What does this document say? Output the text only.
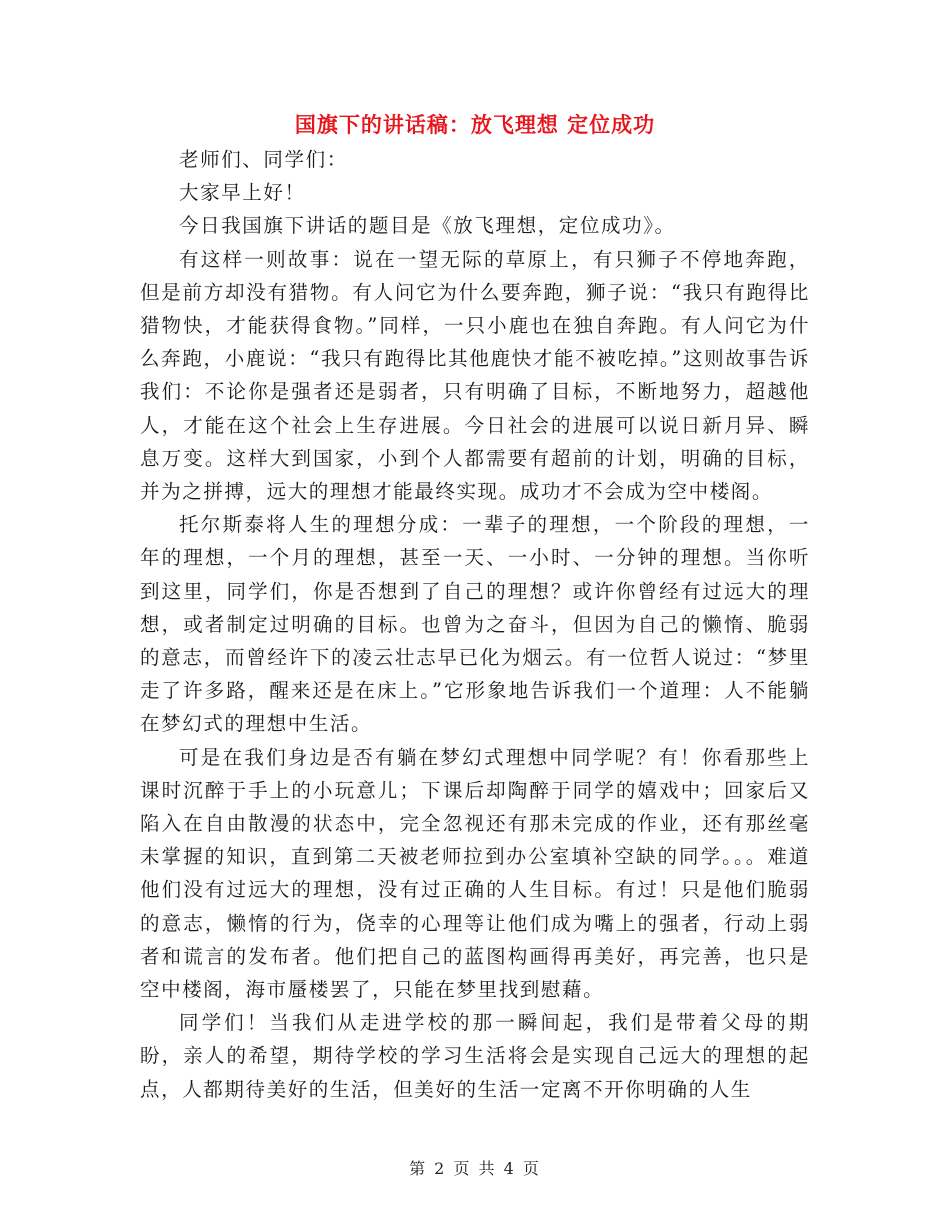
国旗下的讲话稿：放飞理想 定位成功

老师们、同学们：

大家早上好！

今日我国旗下讲话的题目是《放飞理想，定位成功》。

有这样一则故事：说在一望无际的草原上，有只狮子不停地奔跑，但是前方却没有猎物。有人问它为什么要奔跑，狮子说：“我只有跑得比猎物快，才能获得食物。”同样，一只小鹿也在独自奔跑。有人问它为什么奔跑，小鹿说：“我只有跑得比其他鹿快才能不被吃掉。”这则故事告诉我们：不论你是强者还是弱者，只有明确了目标，不断地努力，超越他人，才能在这个社会上生存进展。今日社会的进展可以说日新月异、瞬息万变。这样大到国家，小到个人都需要有超前的计划，明确的目标，并为之拼搏，远大的理想才能最终实现。成功才不会成为空中楼阁。

托尔斯泰将人生的理想分成：一辈子的理想，一个阶段的理想，一年的理想，一个月的理想，甚至一天、一小时、一分钟的理想。当你听到这里，同学们，你是否想到了自己的理想？或许你曾经有过远大的理想，或者制定过明确的目标。也曾为之奋斗，但因为自己的懒惰、脆弱的意志，而曾经许下的凌云壮志早已化为烟云。有一位哲人说过：“梦里走了许多路，醒来还是在床上。”它形象地告诉我们一个道理：人不能躺在梦幻式的理想中生活。

可是在我们身边是否有躺在梦幻式理想中同学呢？有！你看那些上课时沉醉于手上的小玩意儿；下课后却陶醉于同学的嬉戏中；回家后又陷入在自由散漫的状态中，完全忽视还有那未完成的作业，还有那丝毫未掌握的知识，直到第二天被老师拉到办公室填补空缺的同学。。。难道他们没有过远大的理想，没有过正确的人生目标。有过！只是他们脆弱的意志，懒惰的行为，侥幸的心理等让他们成为嘴上的强者，行动上弱者和谎言的发布者。他们把自己的蓝图构画得再美好，再完善，也只是空中楼阁，海市蜃楼罢了，只能在梦里找到慰藉。

同学们！当我们从走进学校的那一瞬间起，我们是带着父母的期盼，亲人的希望，期待学校的学习生活将会是实现自己远大的理想的起点，人都期待美好的生活，但美好的生活一定离不开你明确的人生

第 2 页 共 4 页
